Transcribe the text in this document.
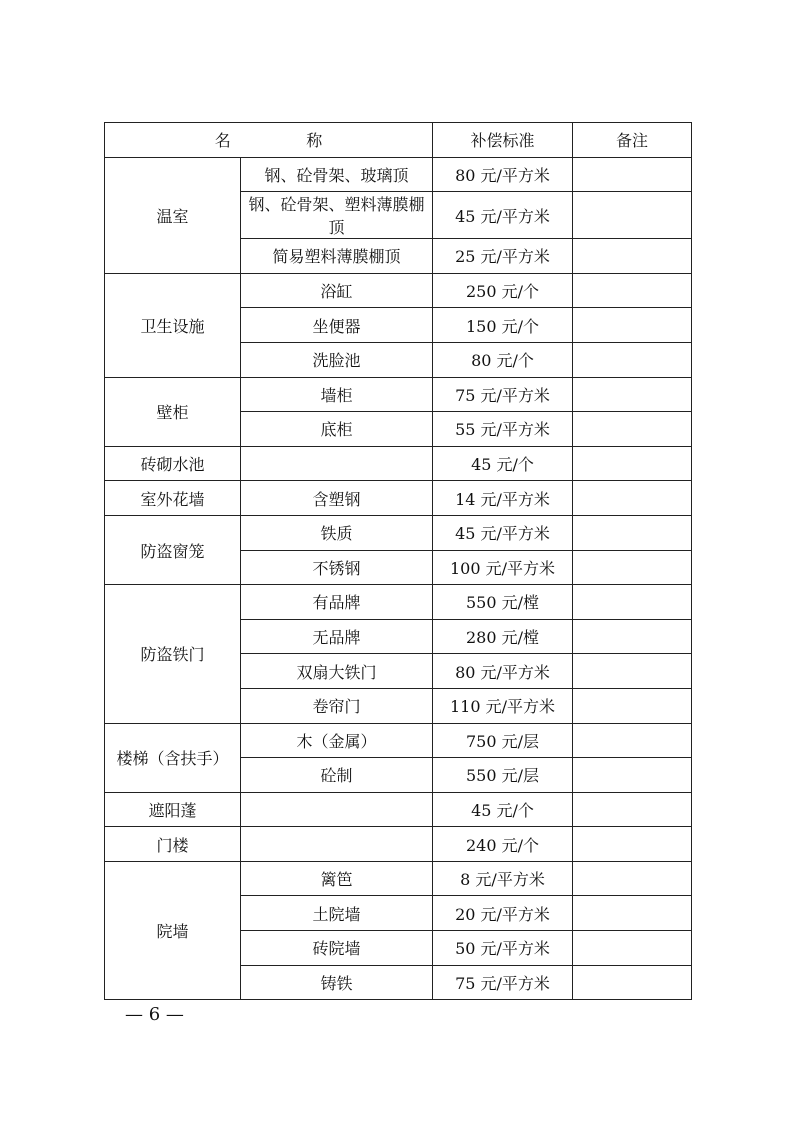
名 称		补偿标准	备注
温室	钢、砼骨架、玻璃顶	80 元/平方米	
	钢、砼骨架、塑料薄膜棚顶	45 元/平方米	
	简易塑料薄膜棚顶	25 元/平方米	
卫生设施	浴缸	250 元/个	
	坐便器	150 元/个	
	洗脸池	80 元/个	
壁柜	墙柜	75 元/平方米	
	底柜	55 元/平方米	
砖砌水池		45 元/个	
室外花墙	含塑钢	14 元/平方米	
防盗窗笼	铁质	45 元/平方米	
	不锈钢	100 元/平方米	
防盗铁门	有品牌	550 元/樘	
	无品牌	280 元/樘	
	双扇大铁门	80 元/平方米	
	卷帘门	110 元/平方米	
楼梯（含扶手）	木（金属）	750 元/层	
	砼制	550 元/层	
遮阳蓬		45 元/个	
门楼		240 元/个	
院墙	篱笆	8 元/平方米	
	土院墙	20 元/平方米	
	砖院墙	50 元/平方米	
	铸铁	75 元/平方米	
— 6 —
